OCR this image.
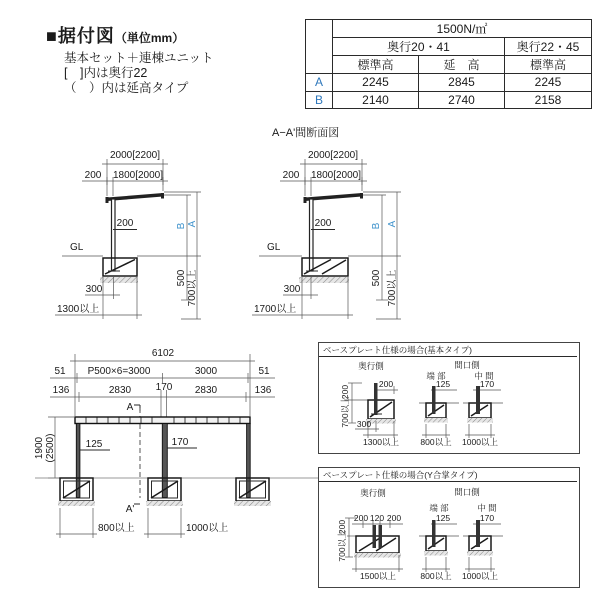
■据付図（単位mm）
基本セット＋連棟ユニット
[　]内は奥行22
（　）内は延高タイプ
	1500N/㎡		
	奥行20・41		奥行22・45
	標準高	延　高	標準高
A	2245	2845	2245
B	2140	2740	2158
A−A'間断面図
2000[2200]
200 1800[2000]
200
GL
300
1300以上
B A
500 700以上
2000[2200]
200 1800[2000]
200
GL
300
1700以上
B A
500 700以上
6102
51 P500×6=3000	3000	51
136	2830 170 2830	136
A
A'
125	170
1900 (2500)
800以上	1000以上
ベースプレート仕様の場合(基本タイプ)
奥行側	間口側
端 部	中 間
200
200
700以上 300
1300以上
125
800以上
170
1000以上
ベースプレート仕様の場合(Y合掌タイプ)
奥行側	間口側
端 部	中 間
200 120 200
200
700以上
1500以上
125
800以上
170
1000以上
